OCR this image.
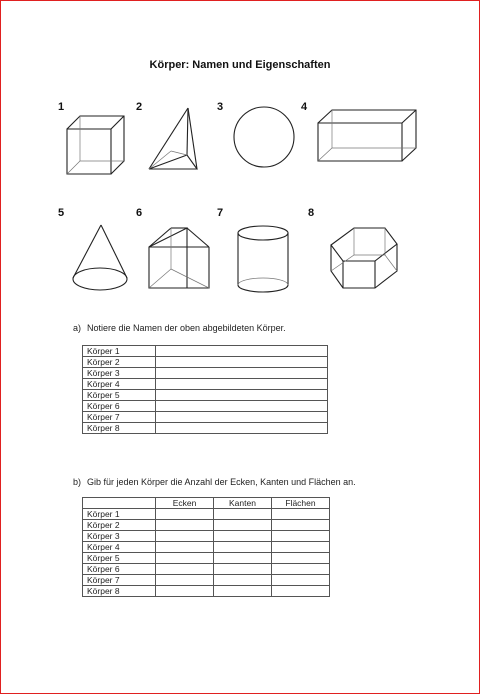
Körper: Namen und Eigenschaften
1	2	3	4
5	6	7	8
a) Notiere die Namen der oben abgebildeten Körper.
Körper 1	
Körper 2	
Körper 3	
Körper 4	
Körper 5	
Körper 6	
Körper 7	
Körper 8	
b) Gib für jeden Körper die Anzahl der Ecken, Kanten und Flächen an.
	Ecken	Kanten	Flächen
Körper 1			
Körper 2			
Körper 3			
Körper 4			
Körper 5			
Körper 6			
Körper 7			
Körper 8			
